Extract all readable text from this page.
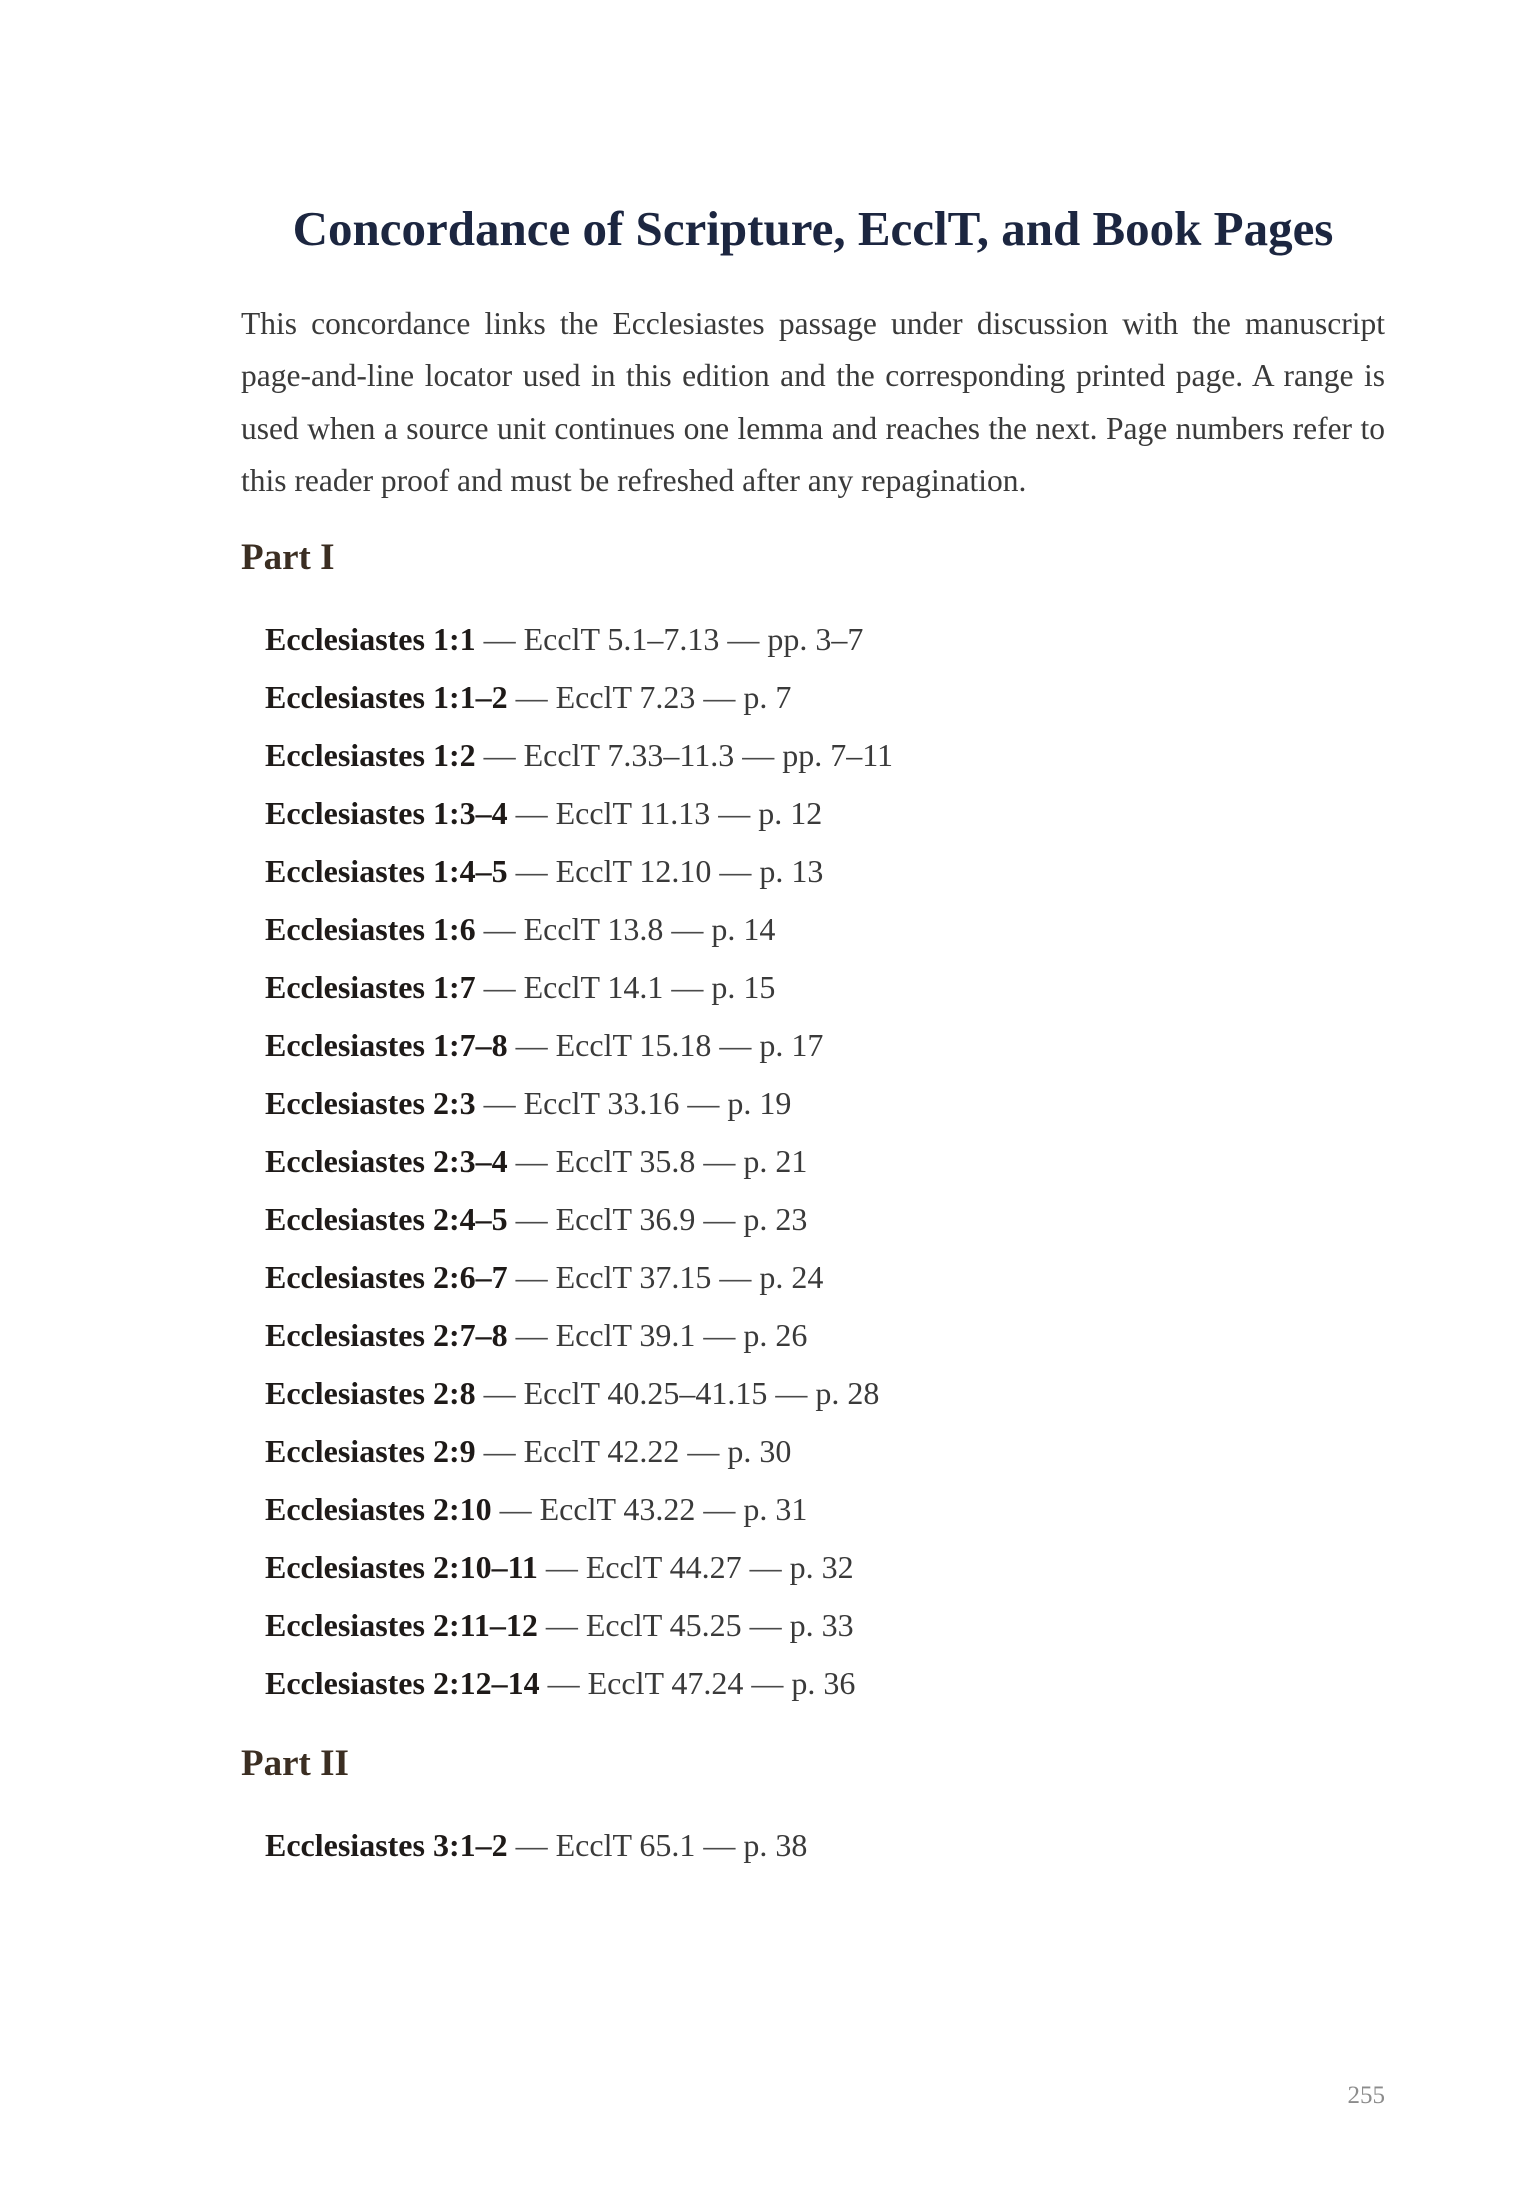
Concordance of Scripture, EcclT, and Book Pages

This concordance links the Ecclesiastes passage under discussion with the manuscript page-and-line locator used in this edition and the corresponding printed page. A range is used when a source unit continues one lemma and reaches the next. Page numbers refer to this reader proof and must be refreshed after any repagination.

Part I
Ecclesiastes 1:1 — EcclT 5.1–7.13 — pp. 3–7
Ecclesiastes 1:1–2 — EcclT 7.23 — p. 7
Ecclesiastes 1:2 — EcclT 7.33–11.3 — pp. 7–11
Ecclesiastes 1:3–4 — EcclT 11.13 — p. 12
Ecclesiastes 1:4–5 — EcclT 12.10 — p. 13
Ecclesiastes 1:6 — EcclT 13.8 — p. 14
Ecclesiastes 1:7 — EcclT 14.1 — p. 15
Ecclesiastes 1:7–8 — EcclT 15.18 — p. 17
Ecclesiastes 2:3 — EcclT 33.16 — p. 19
Ecclesiastes 2:3–4 — EcclT 35.8 — p. 21
Ecclesiastes 2:4–5 — EcclT 36.9 — p. 23
Ecclesiastes 2:6–7 — EcclT 37.15 — p. 24
Ecclesiastes 2:7–8 — EcclT 39.1 — p. 26
Ecclesiastes 2:8 — EcclT 40.25–41.15 — p. 28
Ecclesiastes 2:9 — EcclT 42.22 — p. 30
Ecclesiastes 2:10 — EcclT 43.22 — p. 31
Ecclesiastes 2:10–11 — EcclT 44.27 — p. 32
Ecclesiastes 2:11–12 — EcclT 45.25 — p. 33
Ecclesiastes 2:12–14 — EcclT 47.24 — p. 36
Part II
Ecclesiastes 3:1–2 — EcclT 65.1 — p. 38
255
